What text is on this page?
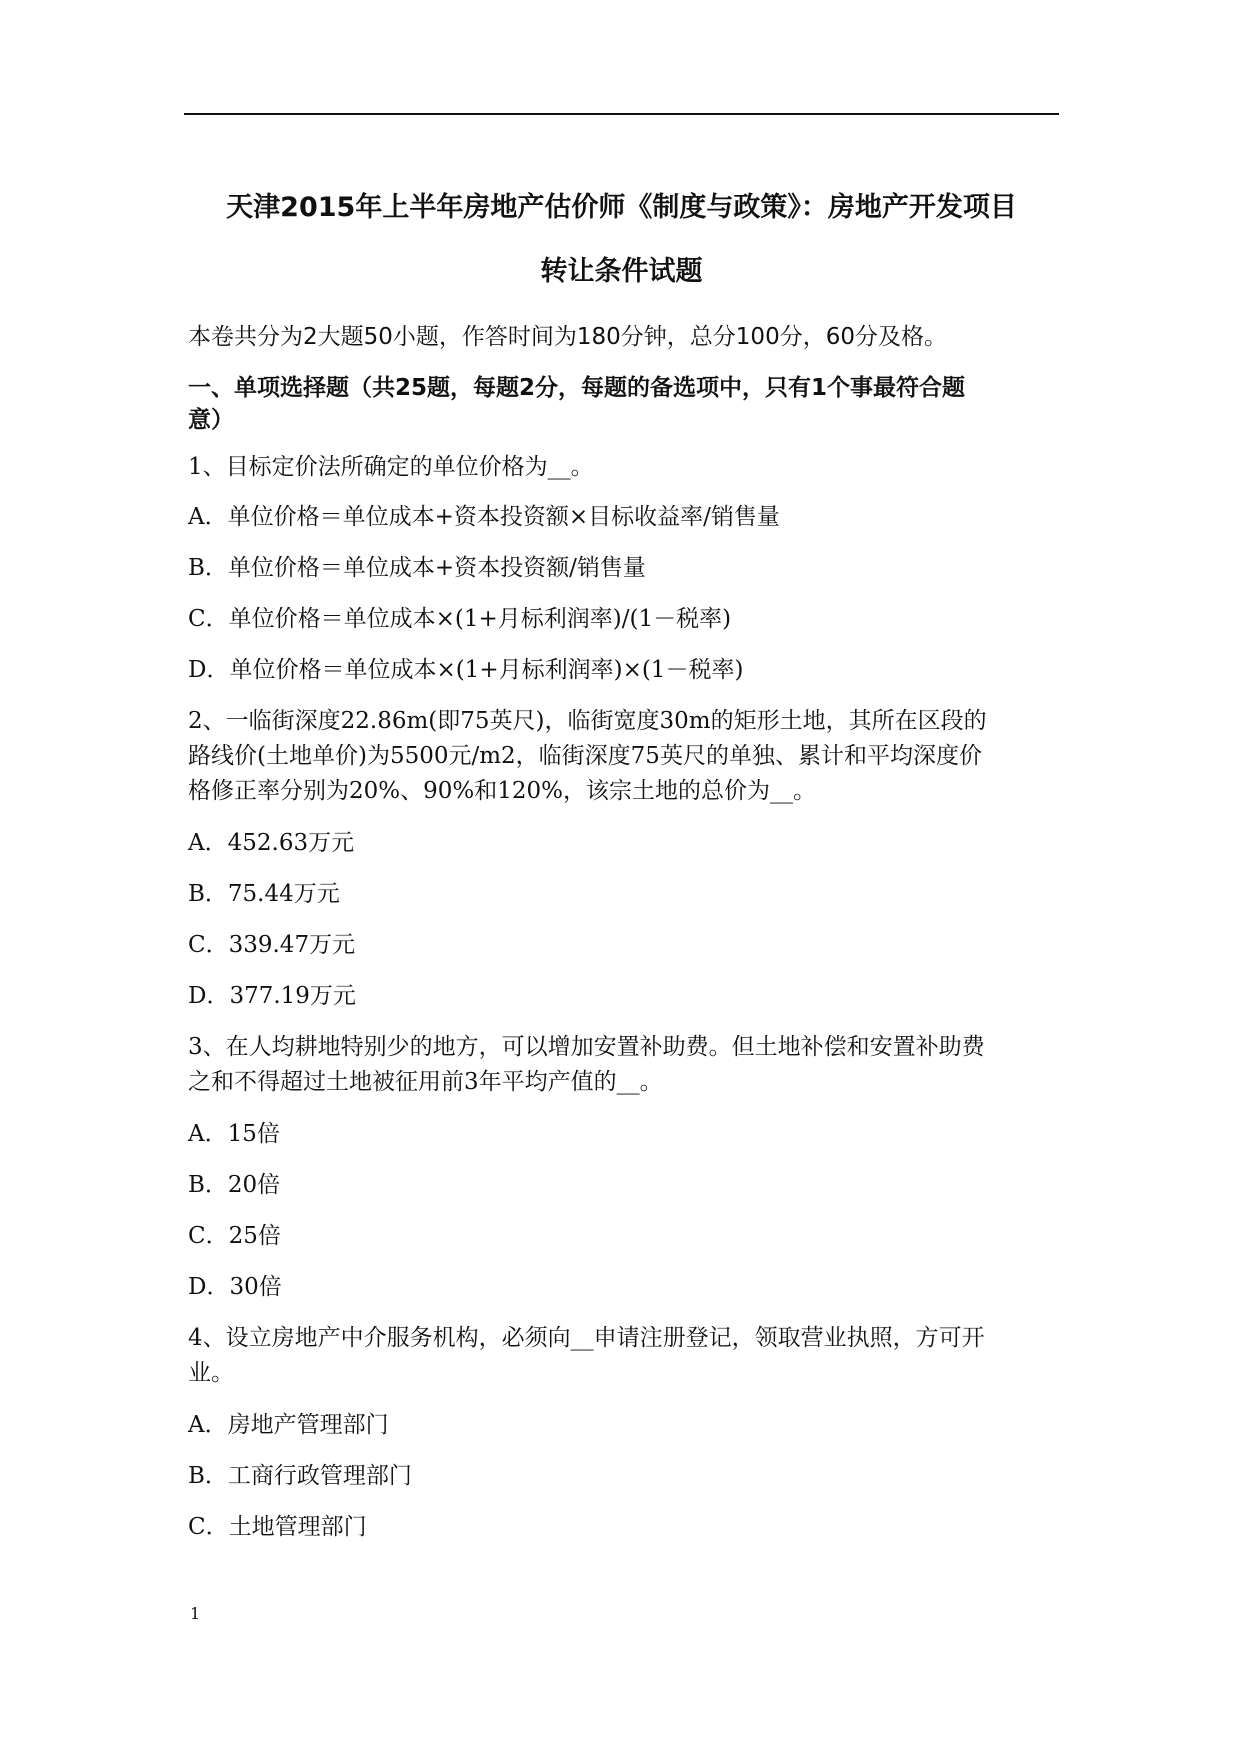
天津2015年上半年房地产估价师《制度与政策》：房地产开发项目
转让条件试题
本卷共分为2大题50小题，作答时间为180分钟，总分100分，60分及格。
一、单项选择题（共25题，每题2分，每题的备选项中，只有1个事最符合题
意）
1、目标定价法所确定的单位价格为__。
A．单位价格＝单位成本+资本投资额×目标收益率/销售量
B．单位价格＝单位成本+资本投资额/销售量
C．单位价格＝单位成本×(1+月标利润率)/(1－税率)
D．单位价格＝单位成本×(1+月标利润率)×(1－税率)
2、一临街深度22.86m(即75英尺)，临街宽度30m的矩形土地，其所在区段的
路线价(土地单价)为5500元/m2，临街深度75英尺的单独、累计和平均深度价
格修正率分别为20%、90%和120%，该宗土地的总价为__。
A．452.63万元
B．75.44万元
C．339.47万元
D．377.19万元
3、在人均耕地特别少的地方，可以增加安置补助费。但土地补偿和安置补助费
之和不得超过土地被征用前3年平均产值的__。
A．15倍
B．20倍
C．25倍
D．30倍
4、设立房地产中介服务机构，必须向__申请注册登记，领取营业执照，方可开
业。
A．房地产管理部门
B．工商行政管理部门
C．土地管理部门
1
